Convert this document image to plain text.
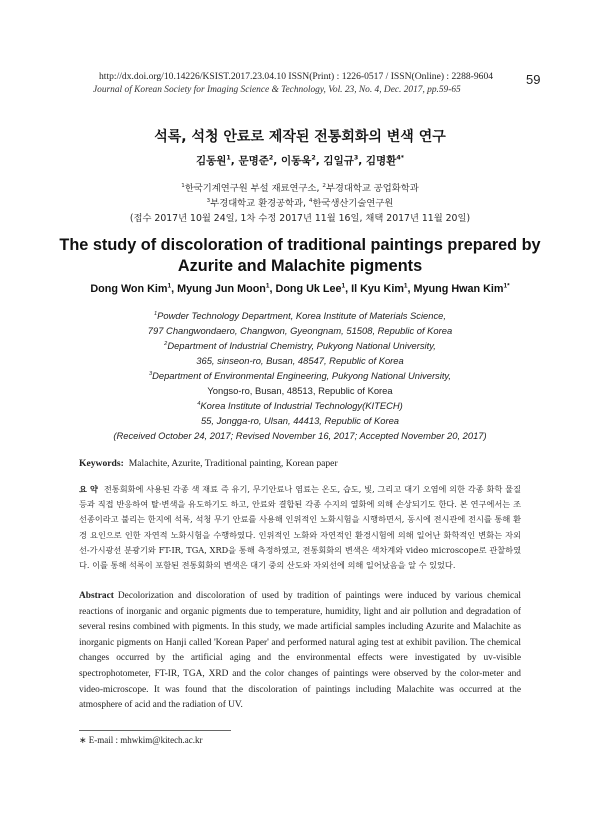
http://dx.doi.org/10.14226/KSIST.2017.23.04.10 ISSN(Print) : 1226-0517 / ISSN(Online) : 2288-9604
Journal of Korean Society for Imaging Science & Technology, Vol. 23, No. 4, Dec. 2017, pp.59-65
59
석록, 석청 안료로 제작된 전통회화의 변색 연구
김동원$^1$, 문명준$^2$, 이동욱$^2$, 김일규$^3$, 김명환$^{4*}$
$^1$한국기계연구원 부설 재료연구소, $^2$부경대학교 공업화학과
$^3$부경대학교 환경공학과, $^4$한국생산기술연구원
(접수 2017년 10월 24일, 1차 수정 2017년 11월 16일, 채택 2017년 11월 20일)
The study of discoloration of traditional paintings prepared by
Azurite and Malachite pigments
Dong Won Kim$^1$, Myung Jun Moon$^1$, Dong Uk Lee$^1$, Il Kyu Kim$^1$, Myung Hwan Kim$^{1*}$
$^1$Powder Technology Department, Korea Institute of Materials Science,
797 Changwondaero, Changwon, Gyeongnam, 51508, Republic of Korea
$^2$Department of Industrial Chemistry, Pukyong National University,
365, sinseon-ro, Busan, 48547, Republic of Korea
$^3$Department of Environmental Engineering, Pukyong National University,
Yongso-ro, Busan, 48513, Republic of Korea
$^4$Korea Institute of Industrial Technology(KITECH)
55, Jongga-ro, Ulsan, 44413, Republic of Korea
(Received October 24, 2017; Revised November 16, 2017; Accepted November 20, 2017)
Keywords: Malachite, Azurite, Traditional painting, Korean paper
요 약 전통회화에 사용된 각종 색 재료 즉 유기, 무기안료나 염료는 온도, 습도, 빛, 그리고 대기 오염에 의한 각종 화학 물질 등과 직접 반응하여 탈·변색을 유도하기도 하고, 안료와 결합된 각종 수지의 열화에 의해 손상되기도 한다. 본 연구에서는 조선종이라고 불리는 한지에 석록, 석청 무기 안료를 사용해 인위적인 노화시험을 시행하면서, 동시에 전시관에 전시를 통해 환경 요인으로 인한 자연적 노화시험을 수행하였다. 인위적인 노화와 자연적인 환경시험에 의해 일어난 화학적인 변화는 자외선-가시광선 분광기와 FT-IR, TGA, XRD을 통해 측정하였고, 전통회화의 변색은 색차계와 video microscope로 관찰하였다. 이를 통해 석록이 포함된 전통회화의 변색은 대기 중의 산도와 자외선에 의해 일어났음을 알 수 있었다.
Abstract Decolorization and discoloration of used by tradition of paintings were induced by various chemical reactions of inorganic and organic pigments due to temperature, humidity, light and air pollution and degradation of several resins combined with pigments. In this study, we made artificial samples including Azurite and Malachite as inorganic pigments on Hanji called 'Korean Paper' and performed natural aging test at exhibit pavilion. The chemical changes occurred by the artificial aging and the environmental effects were investigated by uv-visible spectrophotometer, FT-IR, TGA, XRD and the color changes of paintings were observed by the color-meter and video-microscope. It was found that the discoloration of paintings including Malachite was occurred at the atmosphere of acid and the radiation of UV.
∗ E-mail : mhwkim@kitech.ac.kr
